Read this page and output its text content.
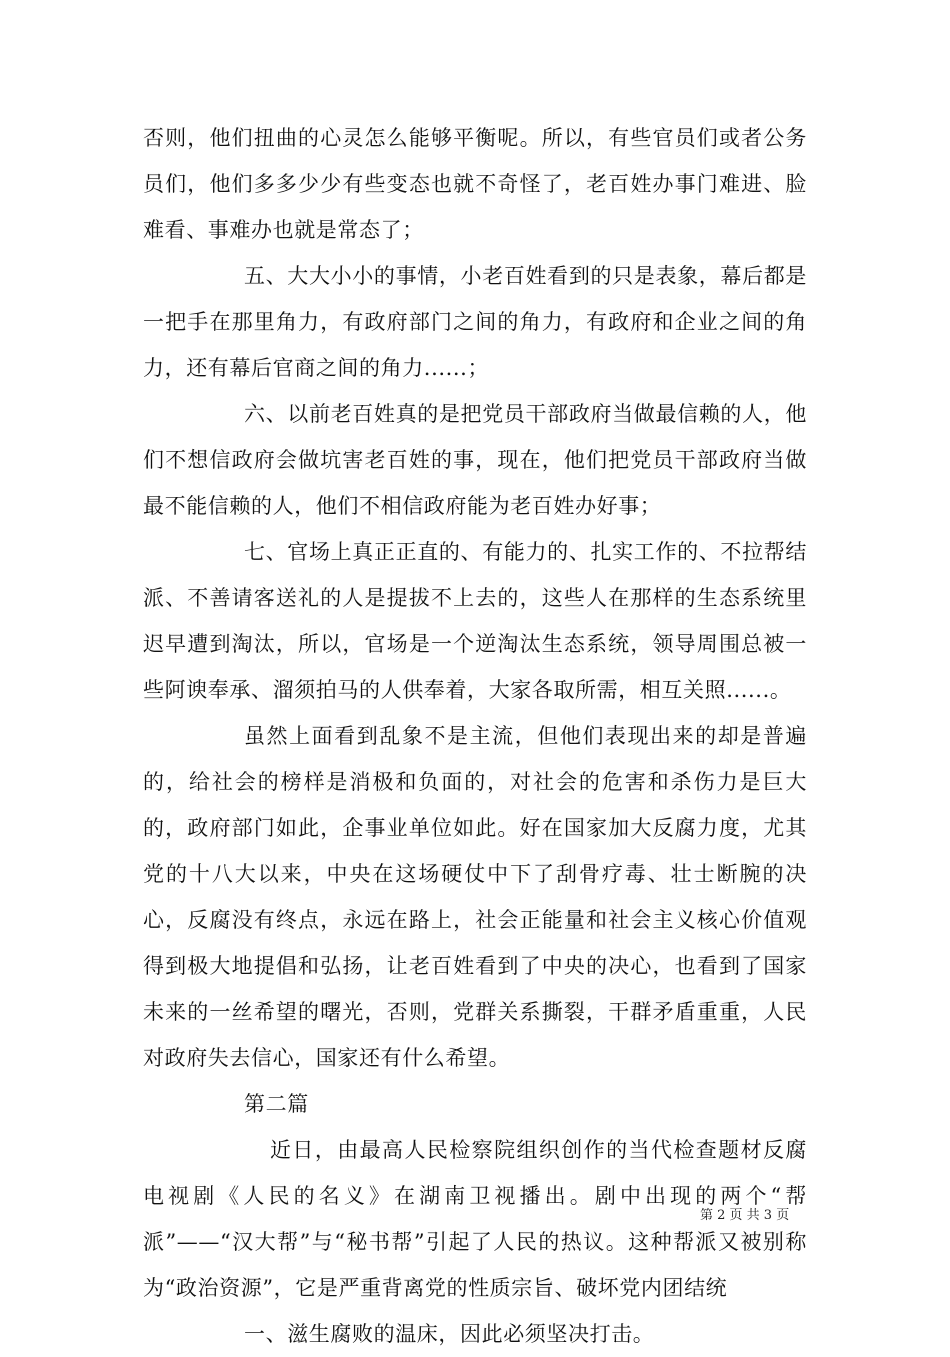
否则，他们扭曲的心灵怎么能够平衡呢。所以，有些官员们或者公务员们，他们多多少少有些变态也就不奇怪了，老百姓办事门难进、脸难看、事难办也就是常态了；

五、大大小小的事情，小老百姓看到的只是表象，幕后都是一把手在那里角力，有政府部门之间的角力，有政府和企业之间的角力，还有幕后官商之间的角力......；

六、以前老百姓真的是把党员干部政府当做最信赖的人，他们不想信政府会做坑害老百姓的事，现在，他们把党员干部政府当做最不能信赖的人，他们不相信政府能为老百姓办好事；

七、官场上真正正直的、有能力的、扎实工作的、不拉帮结派、不善请客送礼的人是提拔不上去的，这些人在那样的生态系统里迟早遭到淘汰，所以，官场是一个逆淘汰生态系统，领导周围总被一些阿谀奉承、溜须拍马的人供奉着，大家各取所需，相互关照......。

虽然上面看到乱象不是主流，但他们表现出来的却是普遍的，给社会的榜样是消极和负面的，对社会的危害和杀伤力是巨大的，政府部门如此，企事业单位如此。好在国家加大反腐力度，尤其党的十八大以来，中央在这场硬仗中下了刮骨疗毒、壮士断腕的决心，反腐没有终点，永远在路上，社会正能量和社会主义核心价值观得到极大地提倡和弘扬，让老百姓看到了中央的决心，也看到了国家未来的一丝希望的曙光，否则，党群关系撕裂，干群矛盾重重，人民对政府失去信心，国家还有什么希望。

第二篇

近日，由最高人民检察院组织创作的当代检查题材反腐电视剧《人民的名义》在湖南卫视播出。剧中出现的两个“帮派”——“汉大帮”与“秘书帮”引起了人民的热议。这种帮派又被别称为“政治资源”，它是严重背离党的性质宗旨、破坏党内团结统

一、滋生腐败的温床，因此必须坚决打击。

第 2 页 共 3 页
